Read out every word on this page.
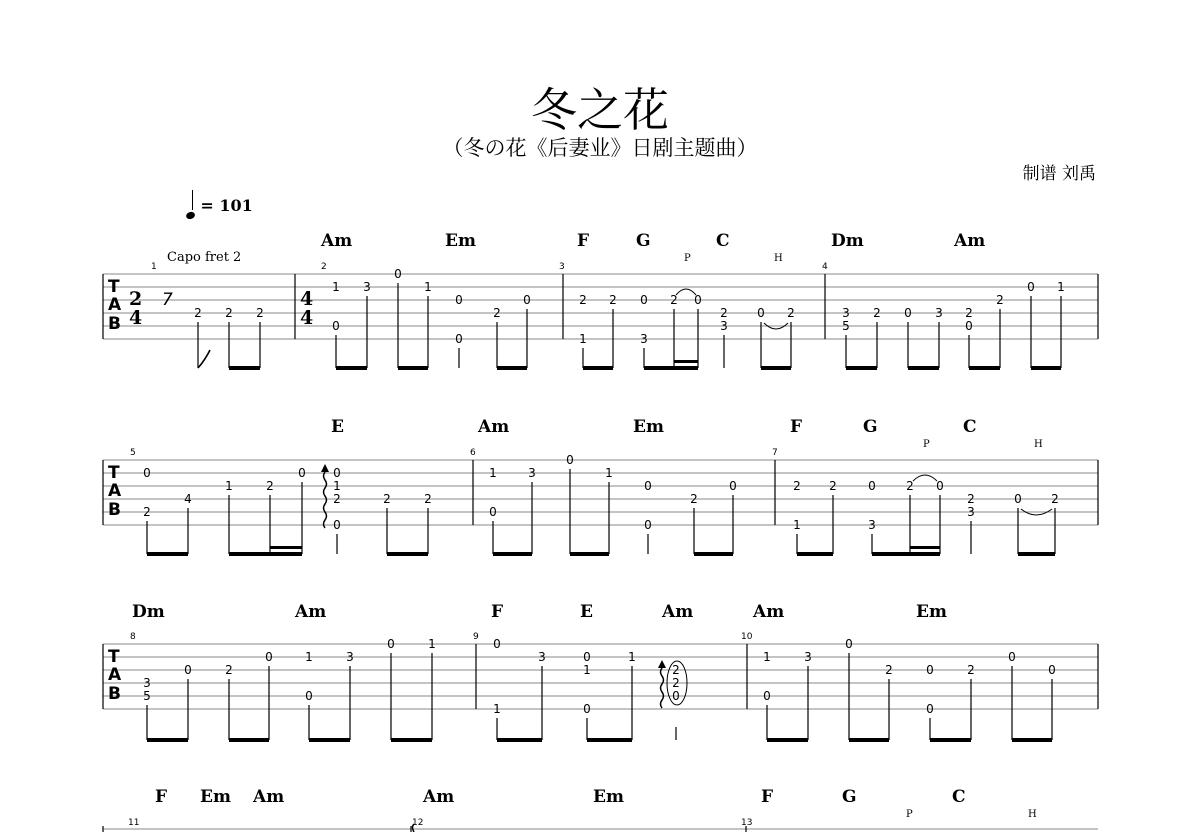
冬之花
（冬の花《后妻业》日剧主题曲）
制谱 刘禹
= 101
T
A
B
T
A
B
T
A
B
2
4
4
4
Capo fret 2
7
Am	Em	F	G	C	Dm	Am
1	2	3	4
P	H
2 2 2
1 3
0
0
1
0
0
2
0	2 2 0 2 0
1	3
2
3
0 2	3
5
2 0 3 2
0
2
0 1
E	Am	Em	F	G	C
5	6	7
P	H
0
2
4
1	2
0 0
1
2
0
2	2
1	3
0
0
1
0
0
2
0	2 2	0	2 0
1	3
2
3
0 2
Dm	Am	F	E	Am	Am	Em
8	9	10
3
5
0	2
0	1
0
3
0	1	0
1
3	0
1
0
1
2
2
0
1
0
3
0
2	0
0
2
0
0
F Em Am	Am	Em	F	G	C
11	12	13
P	H
